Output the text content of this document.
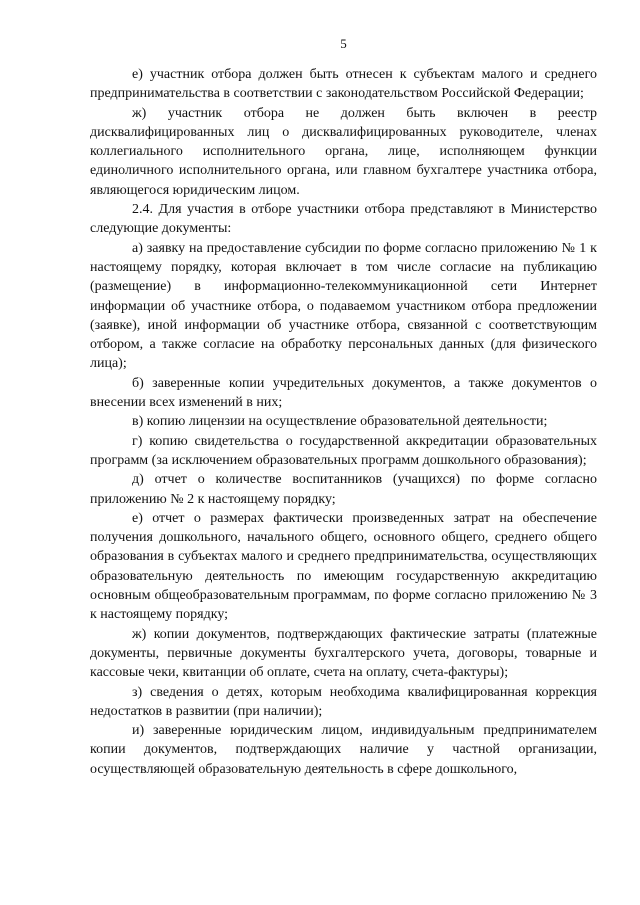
5

е) участник отбора должен быть отнесен к субъектам малого и среднего предпринимательства в соответствии с законодательством Российской Федерации;

ж) участник отбора не должен быть включен в реестр дисквалифицированных лиц о дисквалифицированных руководителе, членах коллегиального исполнительного органа, лице, исполняющем функции единоличного исполнительного органа, или главном бухгалтере участника отбора, являющегося юридическим лицом.

2.4. Для участия в отборе участники отбора представляют в Министерство следующие документы:

а) заявку на предоставление субсидии по форме согласно приложению № 1 к настоящему порядку, которая включает в том числе согласие на публикацию (размещение) в информационно-телекоммуникационной сети Интернет информации об участнике отбора, о подаваемом участником отбора предложении (заявке), иной информации об участнике отбора, связанной с соответствующим отбором, а также согласие на обработку персональных данных (для физического лица);

б) заверенные копии учредительных документов, а также документов о внесении всех изменений в них;

в) копию лицензии на осуществление образовательной деятельности;

г) копию свидетельства о государственной аккредитации образовательных программ (за исключением образовательных программ дошкольного образования);

д) отчет о количестве воспитанников (учащихся) по форме согласно приложению № 2 к настоящему порядку;

е) отчет о размерах фактически произведенных затрат на обеспечение получения дошкольного, начального общего, основного общего, среднего общего образования в субъектах малого и среднего предпринимательства, осуществляющих образовательную деятельность по имеющим государственную аккредитацию основным общеобразовательным программам, по форме согласно приложению № 3 к настоящему порядку;

ж) копии документов, подтверждающих фактические затраты (платежные документы, первичные документы бухгалтерского учета, договоры, товарные и кассовые чеки, квитанции об оплате, счета на оплату, счета-фактуры);

з) сведения о детях, которым необходима квалифицированная коррекция недостатков в развитии (при наличии);

и) заверенные юридическим лицом, индивидуальным предпринимателем копии документов, подтверждающих наличие у частной организации, осуществляющей образовательную деятельность в сфере дошкольного,
